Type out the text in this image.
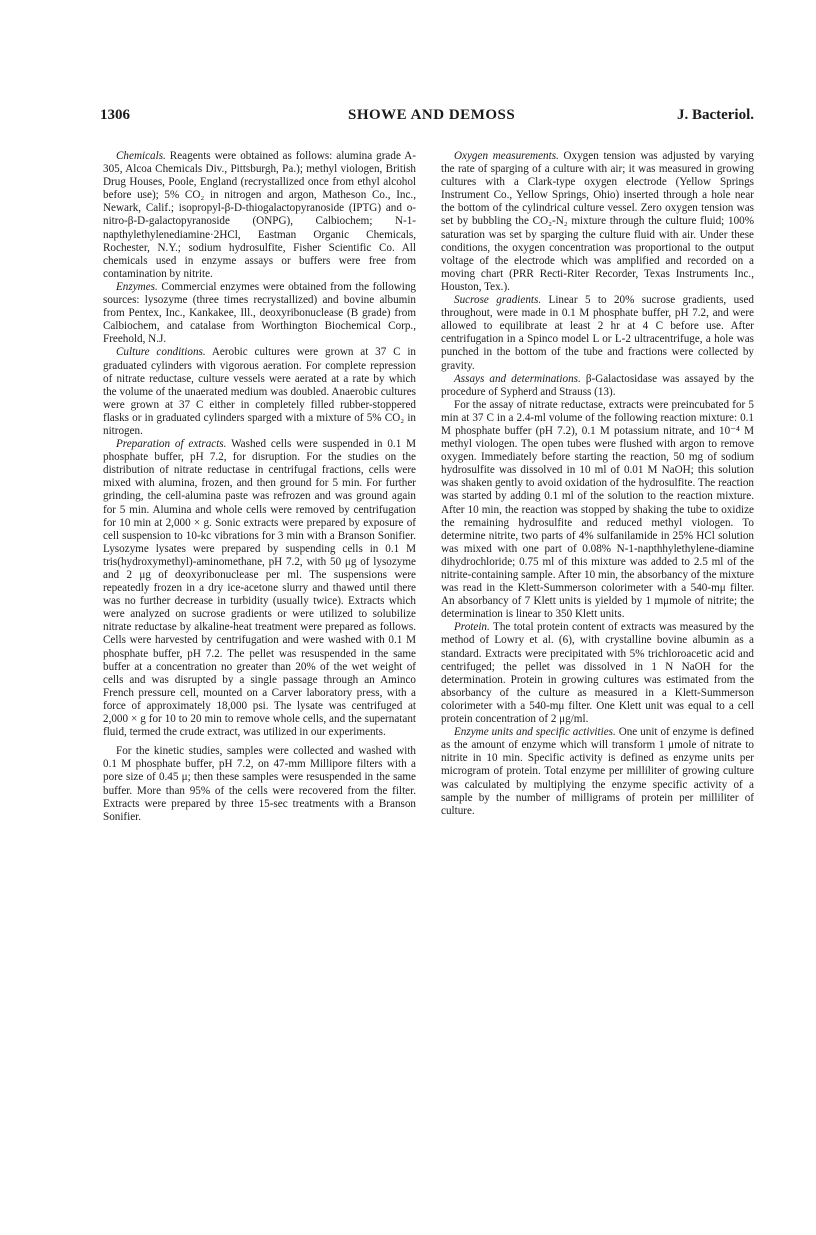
1306	SHOWE AND DEMOSS	J. Bacteriol.

Chemicals. Reagents were obtained as follows: alumina grade A-305, Alcoa Chemicals Div., Pittsburgh, Pa.); methyl viologen, British Drug Houses, Poole, England (recrystallized once from ethyl alcohol before use); 5% CO₂ in nitrogen and argon, Matheson Co., Inc., Newark, Calif.; isopropyl-β-D-thiogalactopyranoside (IPTG) and o-nitro-β-D-galactopyranoside (ONPG), Calbiochem; N-1-napthylethylenediamine·2HCl, Eastman Organic Chemicals, Rochester, N.Y.; sodium hydrosulfite, Fisher Scientific Co. All chemicals used in enzyme assays or buffers were free from contamination by nitrite.

Enzymes. Commercial enzymes were obtained from the following sources: lysozyme (three times recrystallized) and bovine albumin from Pentex, Inc., Kankakee, Ill., deoxyribonuclease (B grade) from Calbiochem, and catalase from Worthington Biochemical Corp., Freehold, N.J.

Culture conditions. Aerobic cultures were grown at 37 C in graduated cylinders with vigorous aeration. For complete repression of nitrate reductase, culture vessels were aerated at a rate by which the volume of the unaerated medium was doubled. Anaerobic cultures were grown at 37 C either in completely filled rubber-stoppered flasks or in graduated cylinders sparged with a mixture of 5% CO₂ in nitrogen.

Preparation of extracts. Washed cells were suspended in 0.1 M phosphate buffer, pH 7.2, for disruption. For the studies on the distribution of nitrate reductase in centrifugal fractions, cells were mixed with alumina, frozen, and then ground for 5 min. For further grinding, the cell-alumina paste was refrozen and was ground again for 5 min. Alumina and whole cells were removed by centrifugation for 10 min at 2,000 × g. Sonic extracts were prepared by exposure of cell suspension to 10-kc vibrations for 3 min with a Branson Sonifier. Lysozyme lysates were prepared by suspending cells in 0.1 M tris(hydroxymethyl)-aminomethane, pH 7.2, with 50 μg of lysozyme and 2 μg of deoxyribonuclease per ml. The suspensions were repeatedly frozen in a dry ice-acetone slurry and thawed until there was no further decrease in turbidity (usually twice). Extracts which were analyzed on sucrose gradients or were utilized to solubilize nitrate reductase by alkaline-heat treatment were prepared as follows. Cells were harvested by centrifugation and were washed with 0.1 M phosphate buffer, pH 7.2. The pellet was resuspended in the same buffer at a concentration no greater than 20% of the wet weight of cells and was disrupted by a single passage through an Aminco French pressure cell, mounted on a Carver laboratory press, with a force of approximately 18,000 psi. The lysate was centrifuged at 2,000 × g for 10 to 20 min to remove whole cells, and the supernatant fluid, termed the crude extract, was utilized in our experiments.

For the kinetic studies, samples were collected and washed with 0.1 M phosphate buffer, pH 7.2, on 47-mm Millipore filters with a pore size of 0.45 μ; then these samples were resuspended in the same buffer. More than 95% of the cells were recovered from the filter. Extracts were prepared by three 15-sec treatments with a Branson Sonifier.

Oxygen measurements. Oxygen tension was adjusted by varying the rate of sparging of a culture with air; it was measured in growing cultures with a Clark-type oxygen electrode (Yellow Springs Instrument Co., Yellow Springs, Ohio) inserted through a hole near the bottom of the cylindrical culture vessel. Zero oxygen tension was set by bubbling the CO₂-N₂ mixture through the culture fluid; 100% saturation was set by sparging the culture fluid with air. Under these conditions, the oxygen concentration was proportional to the output voltage of the electrode which was amplified and recorded on a moving chart (PRR Recti-Riter Recorder, Texas Instruments Inc., Houston, Tex.).

Sucrose gradients. Linear 5 to 20% sucrose gradients, used throughout, were made in 0.1 M phosphate buffer, pH 7.2, and were allowed to equilibrate at least 2 hr at 4 C before use. After centrifugation in a Spinco model L or L-2 ultracentrifuge, a hole was punched in the bottom of the tube and fractions were collected by gravity.

Assays and determinations. β-Galactosidase was assayed by the procedure of Sypherd and Strauss (13).

For the assay of nitrate reductase, extracts were preincubated for 5 min at 37 C in a 2.4-ml volume of the following reaction mixture: 0.1 M phosphate buffer (pH 7.2), 0.1 M potassium nitrate, and 10⁻⁴ M methyl viologen. The open tubes were flushed with argon to remove oxygen. Immediately before starting the reaction, 50 mg of sodium hydrosulfite was dissolved in 10 ml of 0.01 M NaOH; this solution was shaken gently to avoid oxidation of the hydrosulfite. The reaction was started by adding 0.1 ml of the solution to the reaction mixture. After 10 min, the reaction was stopped by shaking the tube to oxidize the remaining hydrosulfite and reduced methyl viologen. To determine nitrite, two parts of 4% sulfanilamide in 25% HCl solution was mixed with one part of 0.08% N-1-napthhylethylene-diamine dihydrochloride; 0.75 ml of this mixture was added to 2.5 ml of the nitrite-containing sample. After 10 min, the absorbancy of the mixture was read in the Klett-Summerson colorimeter with a 540-mμ filter. An absorbancy of 7 Klett units is yielded by 1 mμmole of nitrite; the determination is linear to 350 Klett units.

Protein. The total protein content of extracts was measured by the method of Lowry et al. (6), with crystalline bovine albumin as a standard. Extracts were precipitated with 5% trichloroacetic acid and centrifuged; the pellet was dissolved in 1 N NaOH for the determination. Protein in growing cultures was estimated from the absorbancy of the culture as measured in a Klett-Summerson colorimeter with a 540-mμ filter. One Klett unit was equal to a cell protein concentration of 2 μg/ml.

Enzyme units and specific activities. One unit of enzyme is defined as the amount of enzyme which will transform 1 μmole of nitrate to nitrite in 10 min. Specific activity is defined as enzyme units per microgram of protein. Total enzyme per milliliter of growing culture was calculated by multiplying the enzyme specific activity of a sample by the number of milligrams of protein per milliliter of culture.
